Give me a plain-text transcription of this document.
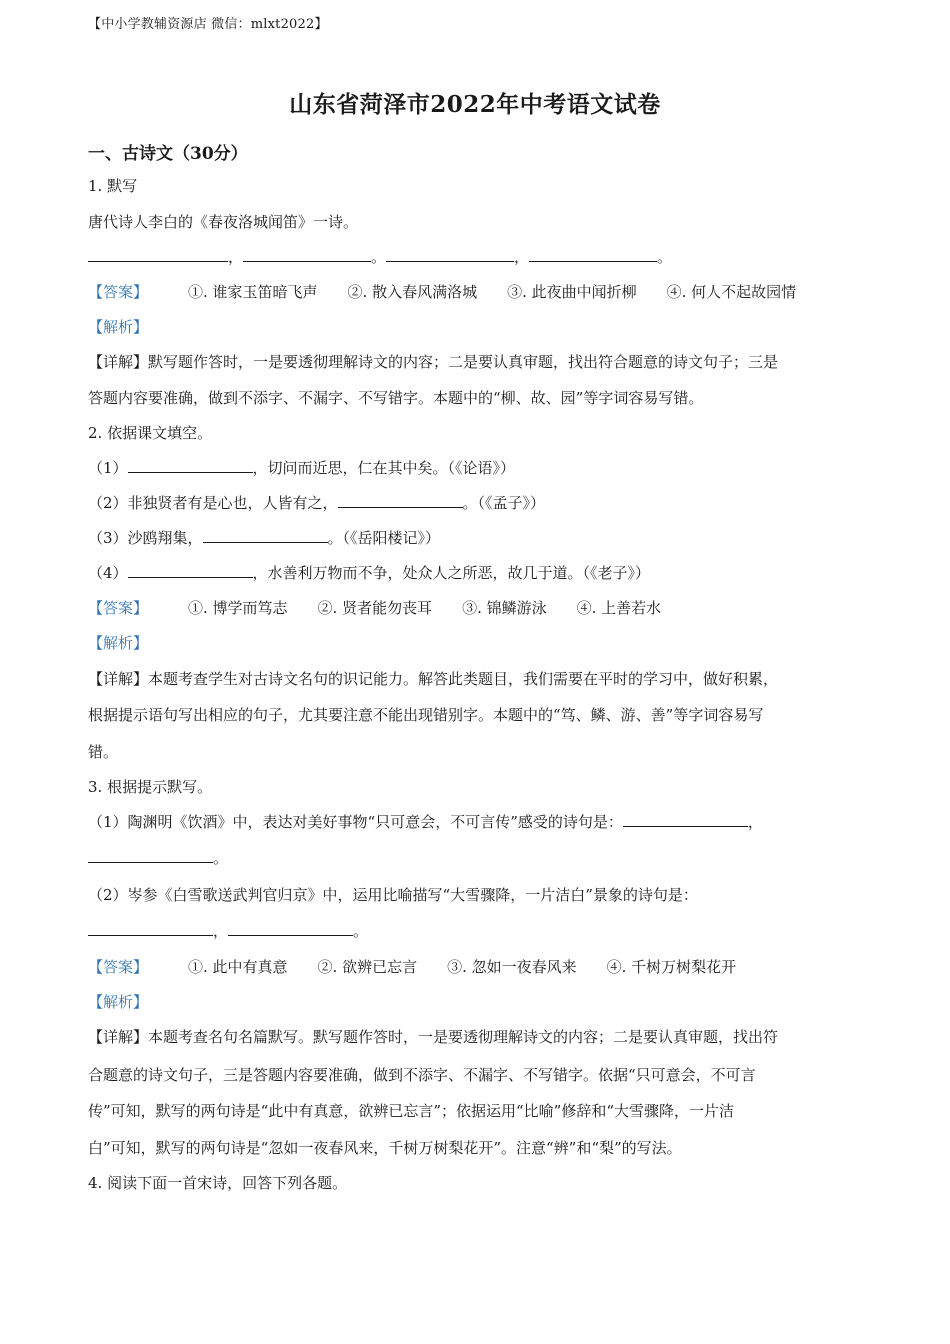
【中小学教辅资源店 微信：mlxt2022】
山东省菏泽市2022年中考语文试卷
一、古诗文（30分）
1. 默写
唐代诗人李白的《春夜洛城闻笛》一诗。
，	。	，	。
【答案】	①. 谁家玉笛暗飞声 ②. 散入春风满洛城 ③. 此夜曲中闻折柳 ④. 何人不起故园情
【解析】
【详解】默写题作答时，一是要透彻理解诗文的内容；二是要认真审题，找出符合题意的诗文句子；三是
答题内容要准确，做到不添字、不漏字、不写错字。本题中的“柳、故、园”等字词容易写错。
2. 依据课文填空。
（1）	，切问而近思，仁在其中矣。（《论语》）
（2）非独贤者有是心也，人皆有之，	。（《孟子》）
（3）沙鸥翔集，	。（《岳阳楼记》）
（4）	，水善利万物而不争，处众人之所恶，故几于道。（《老子》）
【答案】	①. 博学而笃志 ②. 贤者能勿丧耳 ③. 锦鳞游泳 ④. 上善若水
【解析】
【详解】本题考查学生对古诗文名句的识记能力。解答此类题目，我们需要在平时的学习中，做好积累，
根据提示语句写出相应的句子，尤其要注意不能出现错别字。本题中的“笃、鳞、游、善”等字词容易写
错。
3. 根据提示默写。
（1）陶渊明《饮酒》中，表达对美好事物“只可意会，不可言传”感受的诗句是：	，
。
（2）岑参《白雪歌送武判官归京》中，运用比喻描写“大雪骤降，一片洁白”景象的诗句是：
，	。
【答案】	①. 此中有真意 ②. 欲辨已忘言 ③. 忽如一夜春风来 ④. 千树万树梨花开
【解析】
【详解】本题考查名句名篇默写。默写题作答时，一是要透彻理解诗文的内容；二是要认真审题，找出符
合题意的诗文句子，三是答题内容要准确，做到不添字、不漏字、不写错字。依据“只可意会，不可言
传”可知，默写的两句诗是“此中有真意，欲辨已忘言”；依据运用“比喻”修辞和“大雪骤降，一片洁
白”可知，默写的两句诗是“忽如一夜春风来，千树万树梨花开”。注意“辨”和“梨”的写法。
4. 阅读下面一首宋诗，回答下列各题。
